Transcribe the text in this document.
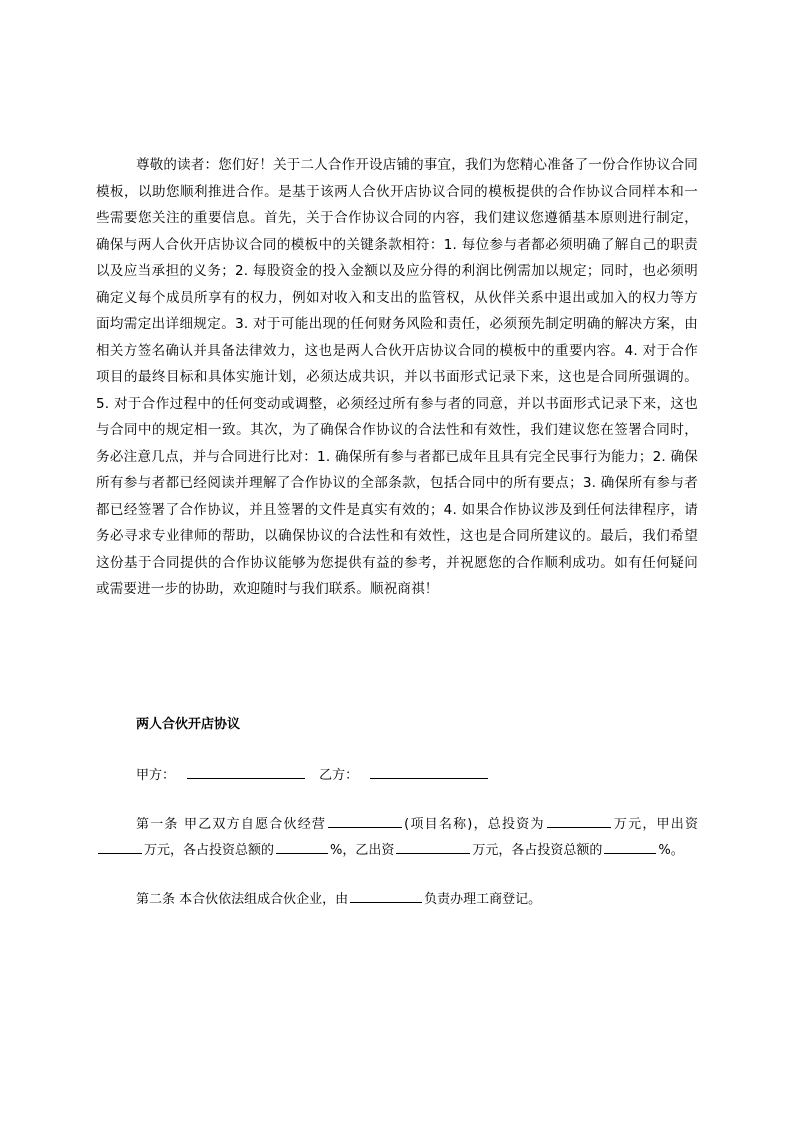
尊敬的读者：您们好！关于二人合作开设店铺的事宜，我们为您精心准备了一份合作协议合同模板，以助您顺利推进合作。是基于该两人合伙开店协议合同的模板提供的合作协议合同样本和一些需要您关注的重要信息。首先，关于合作协议合同的内容，我们建议您遵循基本原则进行制定，确保与两人合伙开店协议合同的模板中的关键条款相符：1. 每位参与者都必须明确了解自己的职责以及应当承担的义务；2. 每股资金的投入金额以及应分得的利润比例需加以规定；同时，也必须明确定义每个成员所享有的权力，例如对收入和支出的监管权，从伙伴关系中退出或加入的权力等方面均需定出详细规定。3. 对于可能出现的任何财务风险和责任，必须预先制定明确的解决方案，由相关方签名确认并具备法律效力，这也是两人合伙开店协议合同的模板中的重要内容。4. 对于合作项目的最终目标和具体实施计划，必须达成共识，并以书面形式记录下来，这也是合同所强调的。5. 对于合作过程中的任何变动或调整，必须经过所有参与者的同意，并以书面形式记录下来，这也与合同中的规定相一致。其次，为了确保合作协议的合法性和有效性，我们建议您在签署合同时，务必注意几点，并与合同进行比对：1. 确保所有参与者都已成年且具有完全民事行为能力；2. 确保所有参与者都已经阅读并理解了合作协议的全部条款，包括合同中的所有要点；3. 确保所有参与者都已经签署了合作协议，并且签署的文件是真实有效的；4. 如果合作协议涉及到任何法律程序，请务必寻求专业律师的帮助，以确保协议的合法性和有效性，这也是合同所建议的。最后，我们希望这份基于合同提供的合作协议能够为您提供有益的参考，并祝愿您的合作顺利成功。如有任何疑问或需要进一步的协助，欢迎随时与我们联系。顺祝商祺！

两人合伙开店协议

甲方：	乙方：

第一条 甲乙双方自愿合伙经营	(项目名称)，总投资为	万元，甲出资万元，各占投资总额的	%，乙出资	万元，各占投资总额的	%。

第二条 本合伙依法组成合伙企业，由	负责办理工商登记。
